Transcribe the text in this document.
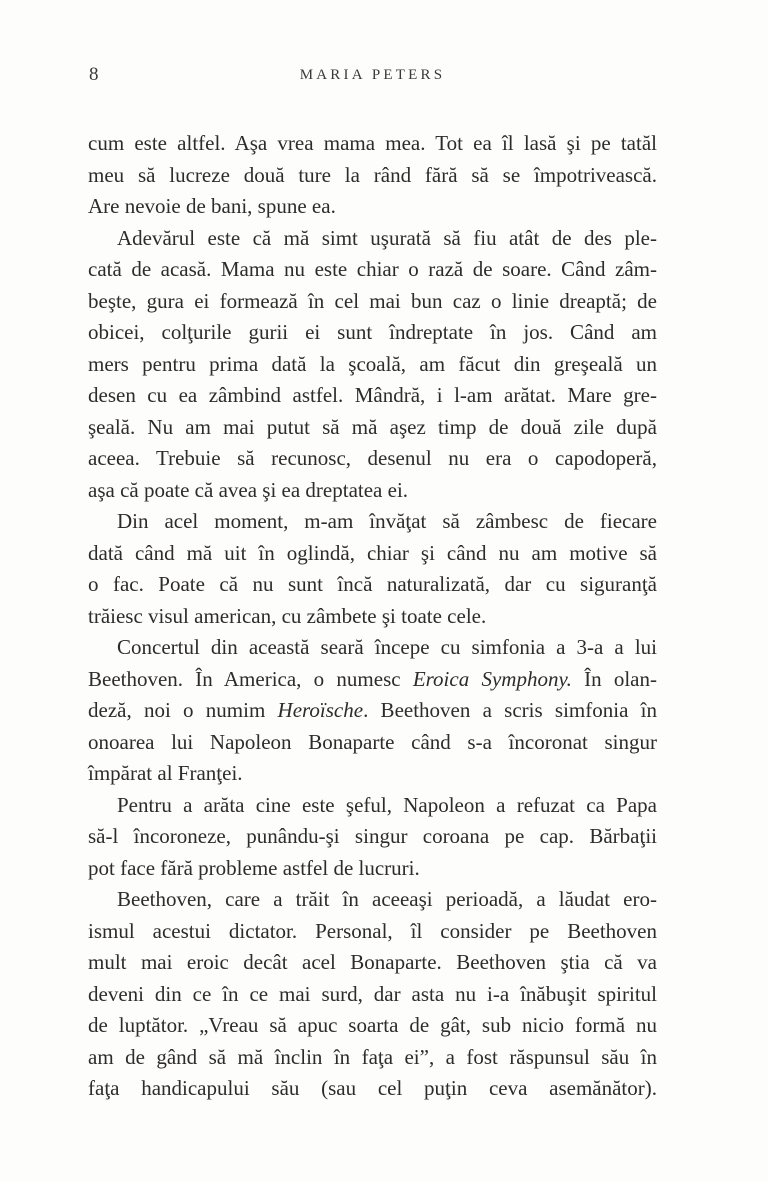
8	MARIA PETERS
cum este altfel. Aşa vrea mama mea. Tot ea îl lasă şi pe tatăl
meu să lucreze două ture la rând fără să se împotrivească.
Are nevoie de bani, spune ea.
Adevărul este că mă simt uşurată să fiu atât de des ple-
cată de acasă. Mama nu este chiar o rază de soare. Când zâm-
beşte, gura ei formează în cel mai bun caz o linie dreaptă; de
obicei, colţurile gurii ei sunt îndreptate în jos. Când am
mers pentru prima dată la şcoală, am făcut din greşeală un
desen cu ea zâmbind astfel. Mândră, i l-am arătat. Mare gre-
şeală. Nu am mai putut să mă aşez timp de două zile după
aceea. Trebuie să recunosc, desenul nu era o capodoperă,
aşa că poate că avea şi ea dreptatea ei.
Din acel moment, m-am învăţat să zâmbesc de fiecare
dată când mă uit în oglindă, chiar şi când nu am motive să
o fac. Poate că nu sunt încă naturalizată, dar cu siguranţă
trăiesc visul american, cu zâmbete şi toate cele.
Concertul din această seară începe cu simfonia a 3-a a lui
Beethoven. În America, o numesc Eroica Symphony. În olan-
deză, noi o numim Heroïsche. Beethoven a scris simfonia în
onoarea lui Napoleon Bonaparte când s-a încoronat singur
împărat al Franţei.
Pentru a arăta cine este şeful, Napoleon a refuzat ca Papa
să-l încoroneze, punându-şi singur coroana pe cap. Bărbaţii
pot face fără probleme astfel de lucruri.
Beethoven, care a trăit în aceeaşi perioadă, a lăudat ero-
ismul acestui dictator. Personal, îl consider pe Beethoven
mult mai eroic decât acel Bonaparte. Beethoven ştia că va
deveni din ce în ce mai surd, dar asta nu i-a înăbuşit spiritul
de luptător. „Vreau să apuc soarta de gât, sub nicio formă nu
am de gând să mă înclin în faţa ei”, a fost răspunsul său în
faţa handicapului său (sau cel puţin ceva asemănător).
